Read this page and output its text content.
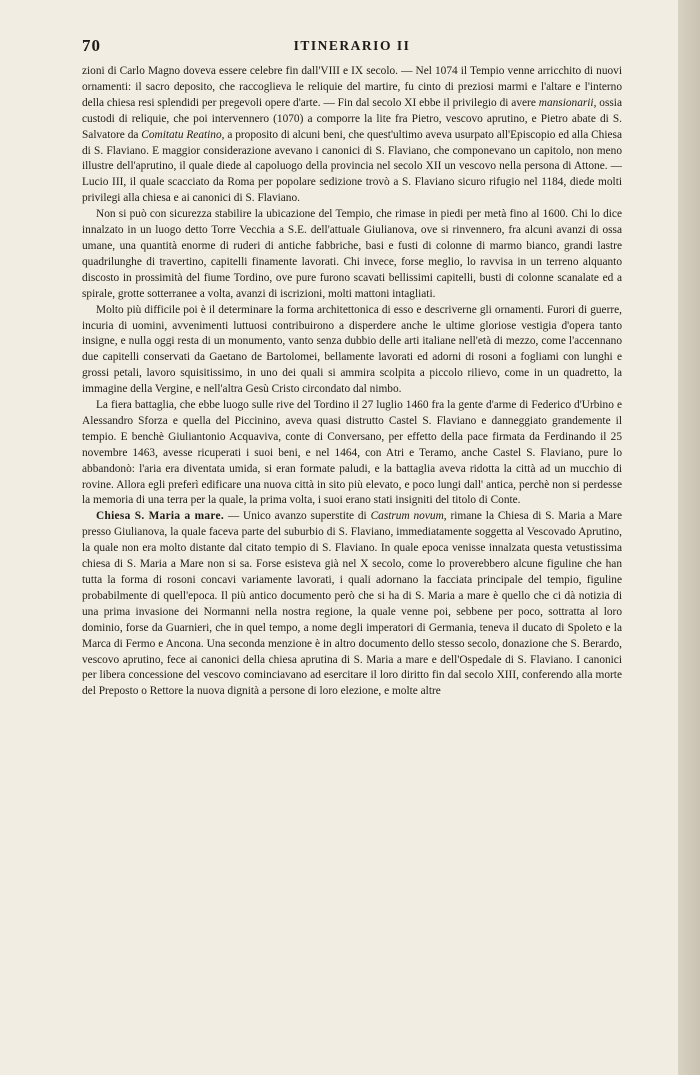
70	ITINERARIO II

zioni di Carlo Magno doveva essere celebre fin dall'VIII e IX secolo. — Nel 1074 il Tempio venne arricchito di nuovi ornamenti: il sacro deposito, che raccoglieva le reliquie del martire, fu cinto di preziosi marmi e l'altare e l'interno della chiesa resi splendidi per pregevoli opere d'arte. — Fin dal secolo XI ebbe il privilegio di avere mansionarii, ossia custodi di reliquie, che poi intervennero (1070) a comporre la lite fra Pietro, vescovo aprutino, e Pietro abate di S. Salvatore da Comitatu Reatino, a proposito di alcuni beni, che quest'ultimo aveva usurpato all'Episcopio ed alla Chiesa di S. Flaviano. E maggior considerazione avevano i canonici di S. Flaviano, che componevano un capitolo, non meno illustre dell'aprutino, il quale diede al capoluogo della provincia nel secolo XII un vescovo nella persona di Attone. — Lucio III, il quale scacciato da Roma per popolare sedizione trovò a S. Flaviano sicuro rifugio nel 1184, diede molti privilegi alla chiesa e ai canonici di S. Flaviano.

Non si può con sicurezza stabilire la ubicazione del Tempio, che rimase in piedi per metà fino al 1600. Chi lo dice innalzato in un luogo detto Torre Vecchia a S.E. dell'attuale Giulianova, ove si rinvennero, fra alcuni avanzi di ossa umane, una quantità enorme di ruderi di antiche fabbriche, basi e fusti di colonne di marmo bianco, grandi lastre quadrilunghe di travertino, capitelli finamente lavorati. Chi invece, forse meglio, lo ravvisa in un terreno alquanto discosto in prossimità del fiume Tordino, ove pure furono scavati bellissimi capitelli, busti di colonne scanalate ed a spirale, grotte sotterranee a volta, avanzi di iscrizioni, molti mattoni intagliati.

Molto più difficile poi è il determinare la forma architettonica di esso e descriverne gli ornamenti. Furori di guerre, incuria di uomini, avvenimenti luttuosi contribuirono a disperdere anche le ultime gloriose vestigia d'opera tanto insigne, e nulla oggi resta di un monumento, vanto senza dubbio delle arti italiane nell'età di mezzo, come l'accennano due capitelli conservati da Gaetano de Bartolomei, bellamente lavorati ed adorni di rosoni a fogliami con lunghi e grossi petali, lavoro squisitissimo, in uno dei quali si ammira scolpita a piccolo rilievo, come in un quadretto, la immagine della Vergine, e nell'altra Gesù Cristo circondato dal nimbo.

La fiera battaglia, che ebbe luogo sulle rive del Tordino il 27 luglio 1460 fra la gente d'arme di Federico d'Urbino e Alessandro Sforza e quella del Piccinino, aveva quasi distrutto Castel S. Flaviano e danneggiato grandemente il tempio. E benchè Giuliantonio Acquaviva, conte di Conversano, per effetto della pace firmata da Ferdinando il 25 novembre 1463, avesse ricuperati i suoi beni, e nel 1464, con Atri e Teramo, anche Castel S. Flaviano, pure lo abbandonò: l'aria era diventata umida, si eran formate paludi, e la battaglia aveva ridotta la città ad un mucchio di rovine. Allora egli preferì edificare una nuova città in sito più elevato, e poco lungi dall' antica, perchè non si perdesse la memoria di una terra per la quale, la prima volta, i suoi erano stati insigniti del titolo di Conte.

Chiesa S. Maria a mare. — Unico avanzo superstite di Castrum novum, rimane la Chiesa di S. Maria a Mare presso Giulianova, la quale faceva parte del suburbio di S. Flaviano, immediatamente soggetta al Vescovado Aprutino, la quale non era molto distante dal citato tempio di S. Flaviano. In quale epoca venisse innalzata questa vetustissima chiesa di S. Maria a Mare non si sa. Forse esisteva già nel X secolo, come lo proverebbero alcune figuline che han tutta la forma di rosoni concavi variamente lavorati, i quali adornano la facciata principale del tempio, figuline probabilmente di quell'epoca. Il più antico documento però che si ha di S. Maria a mare è quello che ci dà notizia di una prima invasione dei Normanni nella nostra regione, la quale venne poi, sebbene per poco, sottratta al loro dominio, forse da Guarnieri, che in quel tempo, a nome degli imperatori di Germania, teneva il ducato di Spoleto e la Marca di Fermo e Ancona. Una seconda menzione è in altro documento dello stesso secolo, donazione che S. Berardo, vescovo aprutino, fece ai canonici della chiesa aprutina di S. Maria a mare e dell'Ospedale di S. Flaviano. I canonici per libera concessione del vescovo cominciavano ad esercitare il loro diritto fin dal secolo XIII, conferendo alla morte del Preposto o Rettore la nuova dignità a persone di loro elezione, e molte altre
